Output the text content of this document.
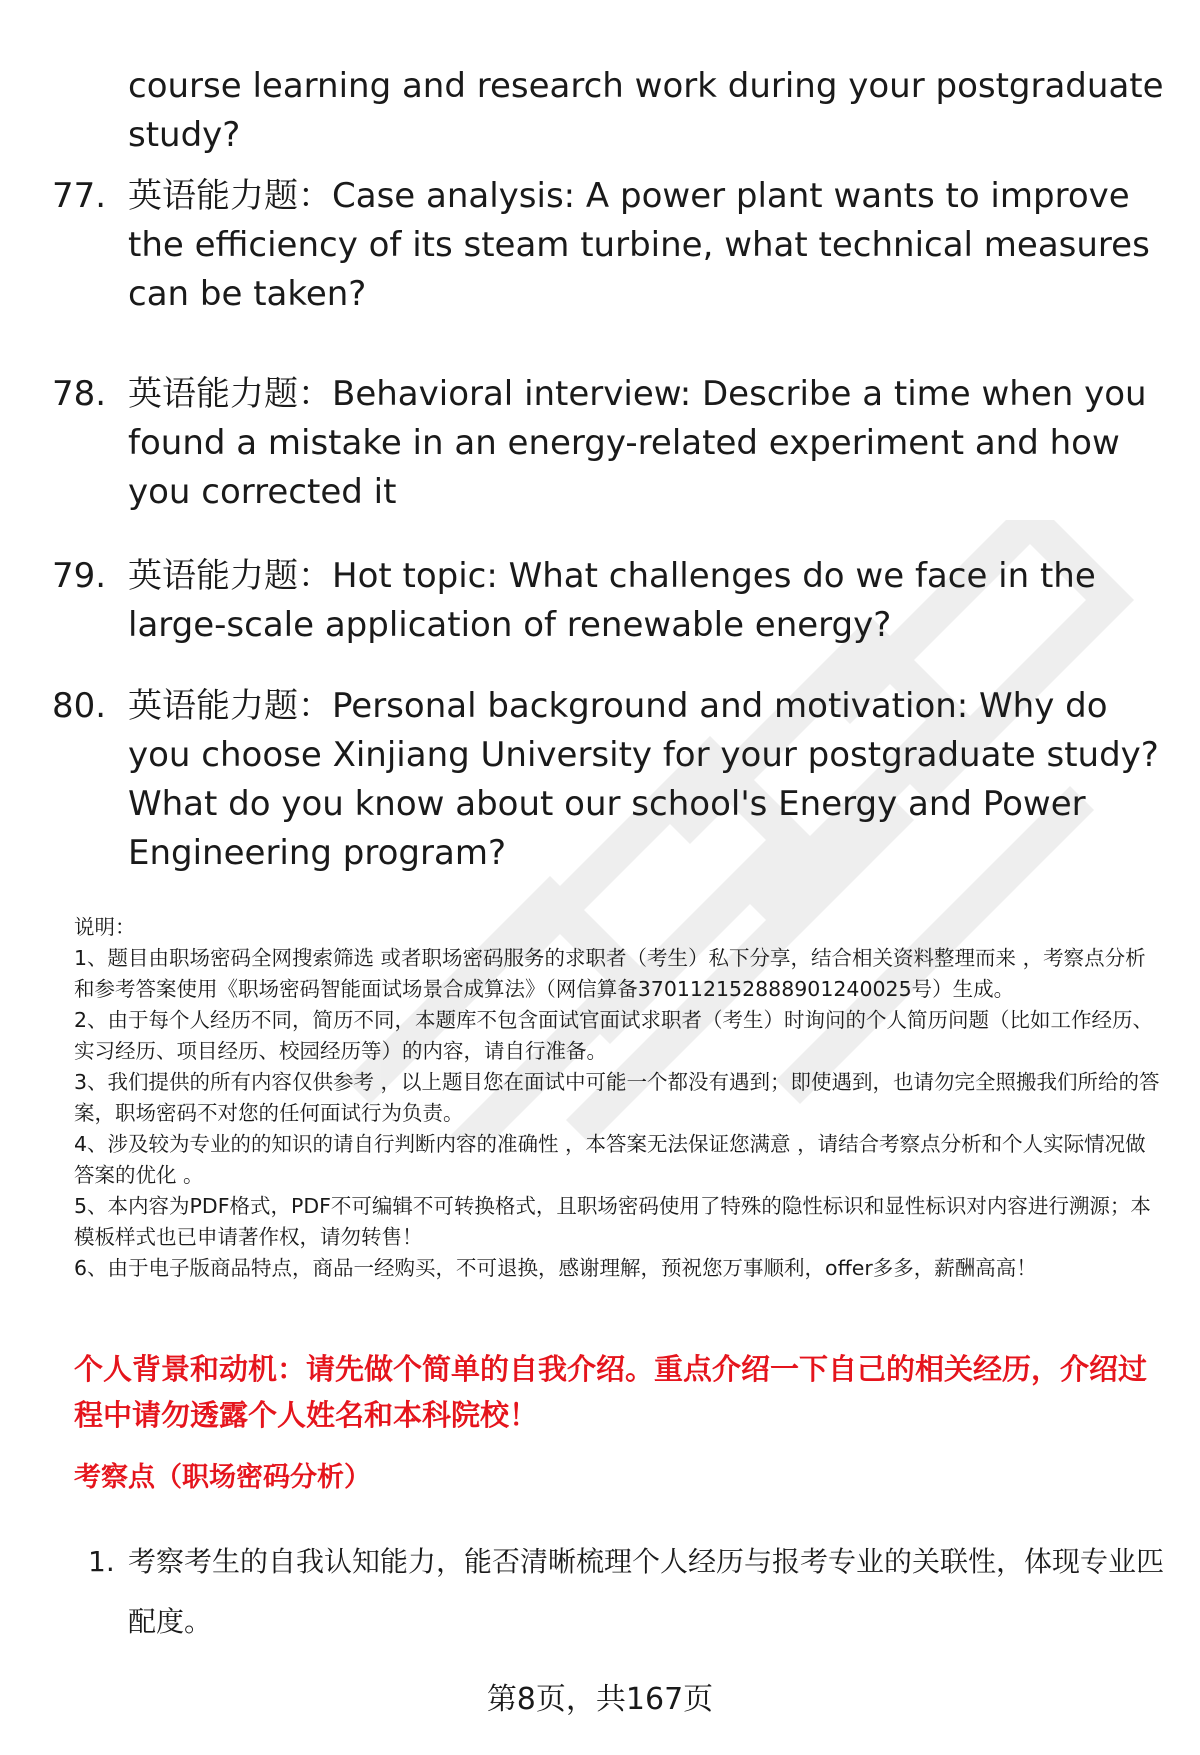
course learning and research work during your postgraduate study?

77. 英语能力题：Case analysis: A power plant wants to improve the efficiency of its steam turbine, what technical measures can be taken?
78. 英语能力题：Behavioral interview: Describe a time when you found a mistake in an energy-related experiment and how you corrected it
79. 英语能力题：Hot topic: What challenges do we face in the large-scale application of renewable energy?
80. 英语能力题：Personal background and motivation: Why do you choose Xinjiang University for your postgraduate study? What do you know about our school's Energy and Power Engineering program?

说明：

1、题目由职场密码全网搜索筛选 或者职场密码服务的求职者（考生）私下分享，结合相关资料整理而来 ，考察点分析和参考答案使用《职场密码智能面试场景合成算法》（网信算备370112152888901240025号）生成。

2、由于每个人经历不同，简历不同，本题库不包含面试官面试求职者（考生）时询问的个人简历问题（比如工作经历、实习经历、项目经历、校园经历等）的内容，请自行准备。

3、我们提供的所有内容仅供参考 ，以上题目您在面试中可能一个都没有遇到；即使遇到，也请勿完全照搬我们所给的答案，职场密码不对您的任何面试行为负责。

4、涉及较为专业的的知识的请自行判断内容的准确性 ，本答案无法保证您满意 ，请结合考察点分析和个人实际情况做答案的优化 。

5、本内容为PDF格式，PDF不可编辑不可转换格式，且职场密码使用了特殊的隐性标识和显性标识对内容进行溯源；本模板样式也已申请著作权，请勿转售！

6、由于电子版商品特点，商品一经购买，不可退换，感谢理解，预祝您万事顺利，offer多多，薪酬高高！

个人背景和动机：请先做个简单的自我介绍。重点介绍一下自己的相关经历，介绍过程中请勿透露个人姓名和本科院校！

考察点（职场密码分析）

1. 考察考生的自我认知能力，能否清晰梳理个人经历与报考专业的关联性，体现专业匹配度。
第8页，共167页
